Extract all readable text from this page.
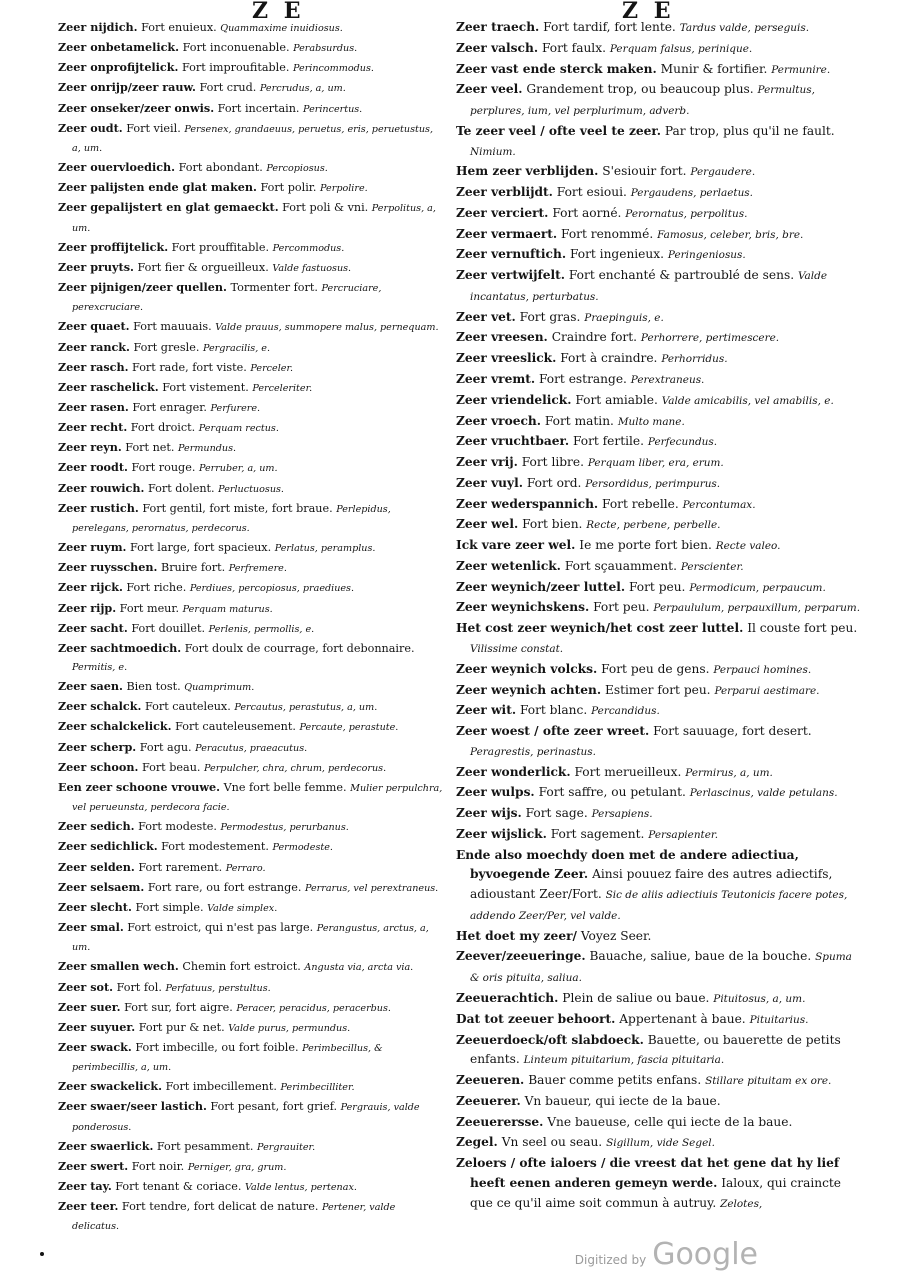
Z E	Z E

Zeer nijdich. Fort enuieux. Quammaxime inuidiosus.

Zeer onbetamelick. Fort inconuenable. Perabsurdus.

Zeer onprofijtelick. Fort improufitable. Perincommodus.

Zeer onrijp/zeer rauw. Fort crud. Percrudus, a, um.

Zeer onseker/zeer onwis. Fort incertain. Perincertus.

Zeer oudt. Fort vieil. Persenex, grandaeuus, peruetus, eris, peruetustus, a, um.

Zeer ouervloedich. Fort abondant. Percopiosus.

Zeer palijsten ende glat maken. Fort polir. Perpolire.

Zeer gepalijstert en glat gemaeckt. Fort poli & vni. Perpolitus, a, um.

Zeer proffijtelick. Fort prouffitable. Percommodus.

Zeer pruyts. Fort fier & orgueilleux. Valde fastuosus.

Zeer pijnigen/zeer quellen. Tormenter fort. Percruciare, perexcruciare.

Zeer quaet. Fort mauuais. Valde prauus, summopere malus, pernequam.

Zeer ranck. Fort gresle. Pergracilis, e.

Zeer rasch. Fort rade, fort viste. Perceler.

Zeer raschelick. Fort vistement. Perceleriter.

Zeer rasen. Fort enrager. Perfurere.

Zeer recht. Fort droict. Perquam rectus.

Zeer reyn. Fort net. Permundus.

Zeer roodt. Fort rouge. Perruber, a, um.

Zeer rouwich. Fort dolent. Perluctuosus.

Zeer rustich. Fort gentil, fort miste, fort braue. Perlepidus, perelegans, perornatus, perdecorus.

Zeer ruym. Fort large, fort spacieux. Perlatus, peramplus.

Zeer ruysschen. Bruire fort. Perfremere.

Zeer rijck. Fort riche. Perdiues, percopiosus, praediues.

Zeer rijp. Fort meur. Perquam maturus.

Zeer sacht. Fort douillet. Perlenis, permollis, e.

Zeer sachtmoedich. Fort doulx de courrage, fort debonnaire. Permitis, e.

Zeer saen. Bien tost. Quamprimum.

Zeer schalck. Fort cauteleux. Percautus, perastutus, a, um.

Zeer schalckelick. Fort cauteleusement. Percaute, perastute.

Zeer scherp. Fort agu. Peracutus, praeacutus.

Zeer schoon. Fort beau. Perpulcher, chra, chrum, perdecorus.

Een zeer schoone vrouwe. Vne fort belle femme. Mulier perpulchra, vel perueunsta, perdecora facie.

Zeer sedich. Fort modeste. Permodestus, perurbanus.

Zeer sedichlick. Fort modestement. Permodeste.

Zeer selden. Fort rarement. Perraro.

Zeer selsaem. Fort rare, ou fort estrange. Perrarus, vel perextraneus.

Zeer slecht. Fort simple. Valde simplex.

Zeer smal. Fort estroict, qui n'est pas large. Perangustus, arctus, a, um.

Zeer smallen wech. Chemin fort estroict. Angusta via, arcta via.

Zeer sot. Fort fol. Perfatuus, perstultus.

Zeer suer. Fort sur, fort aigre. Peracer, peracidus, peracerbus.

Zeer suyuer. Fort pur & net. Valde purus, permundus.

Zeer swack. Fort imbecille, ou fort foible. Perimbecillus, & perimbecillis, a, um.

Zeer swackelick. Fort imbecillement. Perimbecilliter.

Zeer swaer/seer lastich. Fort pesant, fort grief. Pergrauis, valde ponderosus.

Zeer swaerlick. Fort pesamment. Pergrauiter.

Zeer swert. Fort noir. Perniger, gra, grum.

Zeer tay. Fort tenant & coriace. Valde lentus, pertenax.

Zeer teer. Fort tendre, fort delicat de nature. Pertener, valde delicatus.

Zeer traech. Fort tardif, fort lente. Tardus valde, perseguis.

Zeer valsch. Fort faulx. Perquam falsus, perinique.

Zeer vast ende sterck maken. Munir & fortifier. Permunire.

Zeer veel. Grandement trop, ou beaucoup plus. Permultus, perplures, ium, vel perplurimum, adverb.

Te zeer veel / ofte veel te zeer. Par trop, plus qu'il ne fault. Nimium.

Hem zeer verblijden. S'esiouir fort. Pergaudere.

Zeer verblijdt. Fort esioui. Pergaudens, perlaetus.

Zeer verciert. Fort aorné. Perornatus, perpolitus.

Zeer vermaert. Fort renommé. Famosus, celeber, bris, bre.

Zeer vernuftich. Fort ingenieux. Peringeniosus.

Zeer vertwijfelt. Fort enchanté & partroublé de sens. Valde incantatus, perturbatus.

Zeer vet. Fort gras. Praepinguis, e.

Zeer vreesen. Craindre fort. Perhorrere, pertimescere.

Zeer vreeslick. Fort à craindre. Perhorridus.

Zeer vremt. Fort estrange. Perextraneus.

Zeer vriendelick. Fort amiable. Valde amicabilis, vel amabilis, e.

Zeer vroech. Fort matin. Multo mane.

Zeer vruchtbaer. Fort fertile. Perfecundus.

Zeer vrij. Fort libre. Perquam liber, era, erum.

Zeer vuyl. Fort ord. Persordidus, perimpurus.

Zeer wederspannich. Fort rebelle. Percontumax.

Zeer wel. Fort bien. Recte, perbene, perbelle.

Ick vare zeer wel. Ie me porte fort bien. Recte valeo.

Zeer wetenlick. Fort sçauamment. Perscienter.

Zeer weynich/zeer luttel. Fort peu. Permodicum, perpaucum.

Zeer weynichskens. Fort peu. Perpaululum, perpauxillum, perparum.

Het cost zeer weynich/het cost zeer luttel. Il couste fort peu. Vilissime constat.

Zeer weynich volcks. Fort peu de gens. Perpauci homines.

Zeer weynich achten. Estimer fort peu. Perparui aestimare.

Zeer wit. Fort blanc. Percandidus.

Zeer woest / ofte zeer wreet. Fort sauuage, fort desert. Peragrestis, perinastus.

Zeer wonderlick. Fort merueilleux. Permirus, a, um.

Zeer wulps. Fort saffre, ou petulant. Perlascinus, valde petulans.

Zeer wijs. Fort sage. Persapiens.

Zeer wijslick. Fort sagement. Persapienter.

Ende also moechdy doen met de andere adiectiua, byvoegende Zeer. Ainsi pouuez faire des autres adiectifs, adioustant Zeer/Fort. Sic de aliis adiectiuis Teutonicis facere potes, addendo Zeer/Per, vel valde.

Het doet my zeer/ Voyez Seer.

Zeever/zeeueringe. Bauache, saliue, baue de la bouche. Spuma & oris pituita, saliua.

Zeeuerachtich. Plein de saliue ou baue. Pituitosus, a, um.

Dat tot zeeuer behoort. Appertenant à baue. Pituitarius.

Zeeuerdoeck/oft slabdoeck. Bauette, ou bauerette de petits enfants. Linteum pituitarium, fascia pituitaria.

Zeeueren. Bauer comme petits enfans. Stillare pituitam ex ore.

Zeeuerer. Vn baueur, qui iecte de la baue.

Zeeuerersse. Vne baueuse, celle qui iecte de la baue.

Zegel. Vn seel ou seau. Sigillum, vide Segel.

Zeloers / ofte ialoers / die vreest dat het gene dat hy lief heeft eenen anderen gemeyn werde. Ialoux, qui craincte que ce qu'il aime soit commun à autruy. Zelotes,

Digitized by Google
